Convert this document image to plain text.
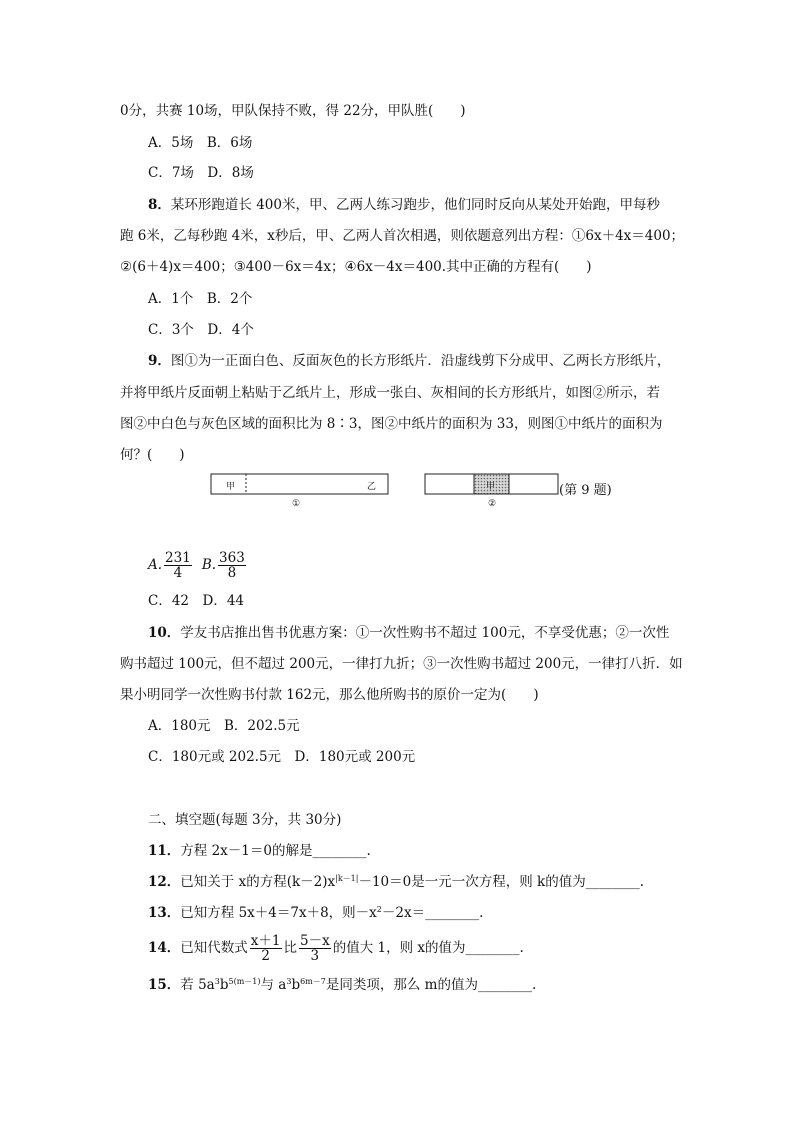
0分，共赛 10场，甲队保持不败，得 22分，甲队胜(　　)
A．5场　B．6场
C．7场　D．8场
8．某环形跑道长 400米，甲、乙两人练习跑步，他们同时反向从某处开始跑，甲每秒
跑 6米，乙每秒跑 4米，x秒后，甲、乙两人首次相遇，则依题意列出方程：①6x＋4x＝400；
②(6＋4)x＝400；③400－6x＝4x；④6x－4x＝400.其中正确的方程有(　　)
A．1个　B．2个
C．3个　D．4个
9．图①为一正面白色、反面灰色的长方形纸片．沿虚线剪下分成甲、乙两长方形纸片，
并将甲纸片反面朝上粘贴于乙纸片上，形成一张白、灰相间的长方形纸片，如图②所示，若
图②中白色与灰色区域的面积比为 8∶3，图②中纸片的面积为 33，则图①中纸片的面积为
何？(　　)
甲	乙	甲
①	②
(第 9 题)
A. $\frac{231}{4} B$. $\frac{363}{8}$
C．42　D．44
10．学友书店推出售书优惠方案：①一次性购书不超过 100元，不享受优惠；②一次性
购书超过 100元，但不超过 200元，一律打九折；③一次性购书超过 200元，一律打八折．如
果小明同学一次性购书付款 162元，那么他所购书的原价一定为(　　)
A．180元　B．202.5元
C．180元或 202.5元　D．180元或 200元
二、填空题(每题 3分，共 30分)
11．方程 2x－1＝0的解是________.
12．已知关于 x的方程$(k-2)x^{|k-1|}-10=0$是一元一次方程，则 k的值为________.
13．已知方程 5x＋4＝7x＋8，则$-x^2-2x=\_\_\_\_\_\_\_\_$.
14．已知代数式 $\frac{x+1}{2}$ 比 $\frac{5-x}{3}$ 的值大 1，则 x的值为________.
15．若 $5a^3b^{5(m-1)}$与 $a^3b^{6m-7}$是同类项，那么 m的值为________.
